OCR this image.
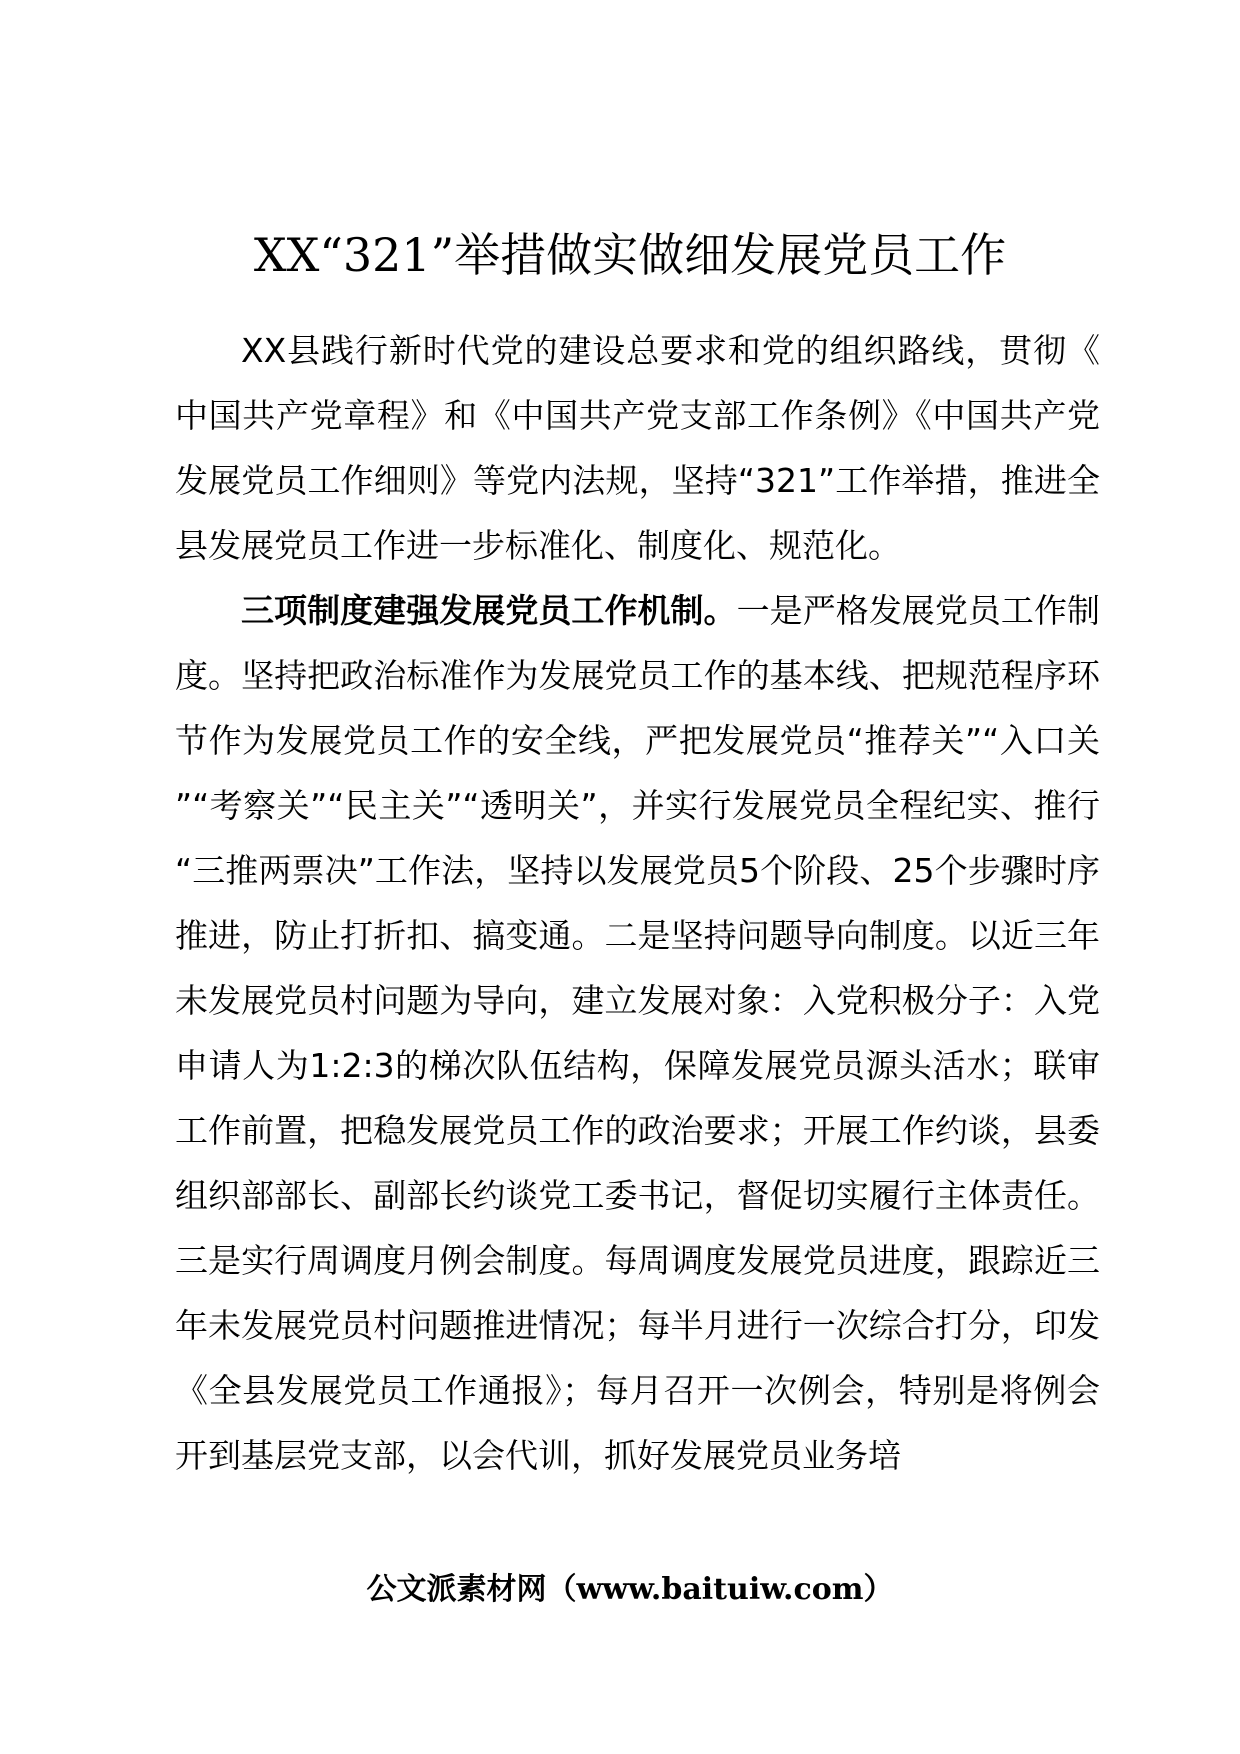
XX“321”举措做实做细发展党员工作

XX县践行新时代党的建设总要求和党的组织路线，贯彻《中国共产党章程》和《中国共产党支部工作条例》《中国共产党发展党员工作细则》等党内法规，坚持“321”工作举措，推进全县发展党员工作进一步标准化、制度化、规范化。

三项制度建强发展党员工作机制。一是严格发展党员工作制度。坚持把政治标准作为发展党员工作的基本线、把规范程序环节作为发展党员工作的安全线，严把发展党员“推荐关”“入口关”“考察关”“民主关”“透明关”，并实行发展党员全程纪实、推行“三推两票决”工作法，坚持以发展党员5个阶段、25个步骤时序推进，防止打折扣、搞变通。二是坚持问题导向制度。以近三年未发展党员村问题为导向，建立发展对象：入党积极分子：入党申请人为1:2:3的梯次队伍结构，保障发展党员源头活水；联审工作前置，把稳发展党员工作的政治要求；开展工作约谈，县委组织部部长、副部长约谈党工委书记，督促切实履行主体责任。三是实行周调度月例会制度。每周调度发展党员进度，跟踪近三年未发展党员村问题推进情况；每半月进行一次综合打分，印发《全县发展党员工作通报》；每月召开一次例会，特别是将例会开到基层党支部，以会代训，抓好发展党员业务培

公文派素材网（www.baituiw.com）
